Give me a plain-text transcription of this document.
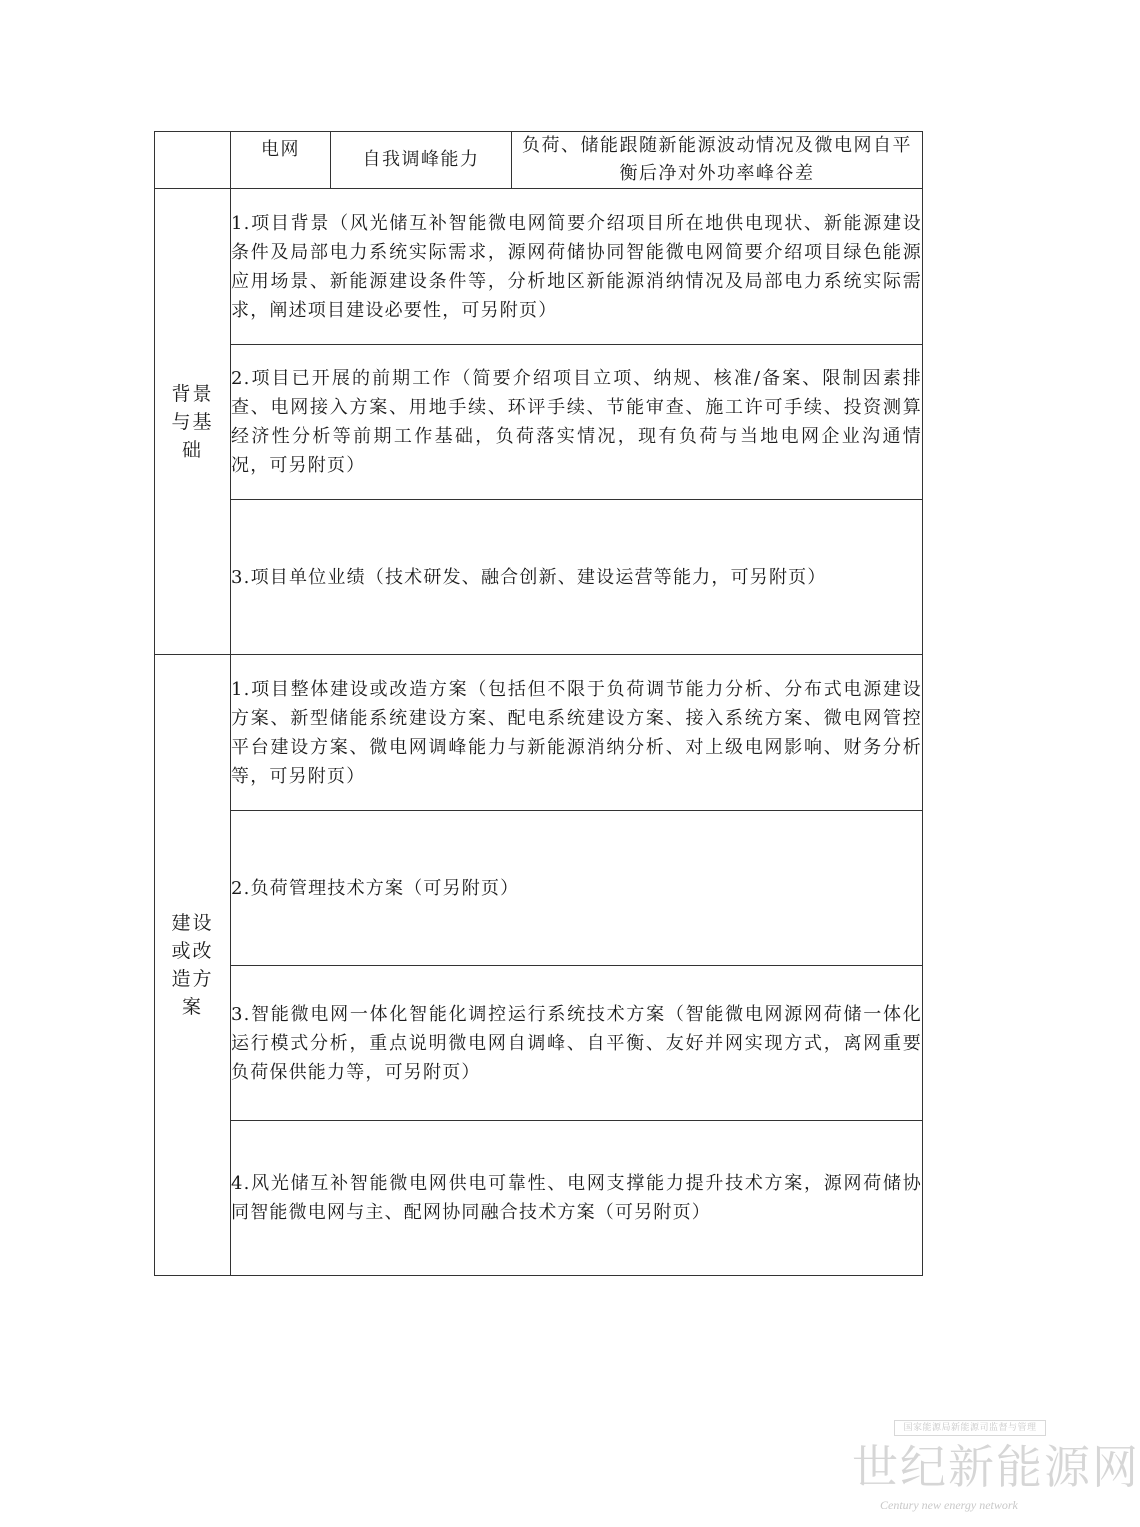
	电网	自我调峰能力	负荷、储能跟随新能源波动情况及微电网自平衡后净对外功率峰谷差

背景
与基
础	1.项目背景（风光储互补智能微电网简要介绍项目所在地供电现状、新能源建设条件及局部电力系统实际需求，源网荷储协同智能微电网简要介绍项目绿色能源应用场景、新能源建设条件等，分析地区新能源消纳情况及局部电力系统实际需求，阐述项目建设必要性，可另附页）		

	2.项目已开展的前期工作（简要介绍项目立项、纳规、核准/备案、限制因素排查、电网接入方案、用地手续、环评手续、节能审查、施工许可手续、投资测算经济性分析等前期工作基础，负荷落实情况，现有负荷与当地电网企业沟通情况，可另附页）		

	3.项目单位业绩（技术研发、融合创新、建设运营等能力，可另附页）		

建设
或改
造方
案	1.项目整体建设或改造方案（包括但不限于负荷调节能力分析、分布式电源建设方案、新型储能系统建设方案、配电系统建设方案、接入系统方案、微电网管控平台建设方案、微电网调峰能力与新能源消纳分析、对上级电网影响、财务分析等，可另附页）		

	2.负荷管理技术方案（可另附页）		

	3.智能微电网一体化智能化调控运行系统技术方案（智能微电网源网荷储一体化运行模式分析，重点说明微电网自调峰、自平衡、友好并网实现方式，离网重要负荷保供能力等，可另附页）		

	4.风光储互补智能微电网供电可靠性、电网支撑能力提升技术方案，源网荷储协同智能微电网与主、配网协同融合技术方案（可另附页）		
国家能源局新能源司监督与管理
世纪新能源网
Century new energy network
